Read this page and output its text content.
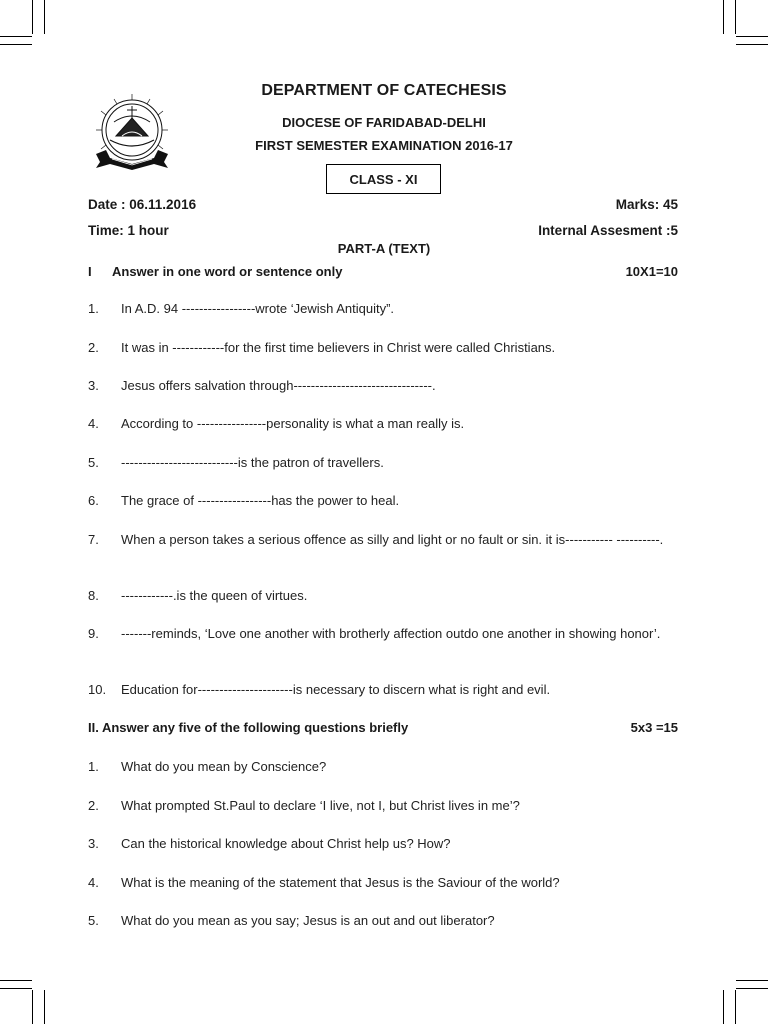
DEPARTMENT OF CATECHESIS
DIOCESE OF FARIDABAD-DELHI
FIRST SEMESTER EXAMINATION 2016-17
CLASS - XI
Date : 06.11.2016	Marks: 45
Time: 1 hour	Internal Assesment :5
PART-A (TEXT)
I Answer in one word or sentence only	10X1=10
1. In A.D. 94 -----------------wrote ‘Jewish Antiquity”.
2. It was in ------------for the first time believers in Christ were called Christians.
3. Jesus offers salvation through--------------------------------.
4. According to ----------------personality is what a man really is.
5. ---------------------------is the patron of travellers.
6. The grace of -----------------has the power to heal.
7. When a person takes a serious offence as silly and light or no fault or sin. it is----------- ----------.
8. ------------.is the queen of virtues.
9. -------reminds, ‘Love one another with brotherly affection outdo one another in showing honor’.
10. Education for----------------------is necessary to discern what is right and evil.
II. Answer any five of the following questions briefly	5x3 =15
1. What do you mean by Conscience?
2. What prompted St.Paul to declare ‘I live, not I, but Christ lives in me’?
3. Can the historical knowledge about Christ help us? How?
4. What is the meaning of the statement that Jesus is the Saviour of the world?
5. What do you mean as you say; Jesus is an out and out liberator?
